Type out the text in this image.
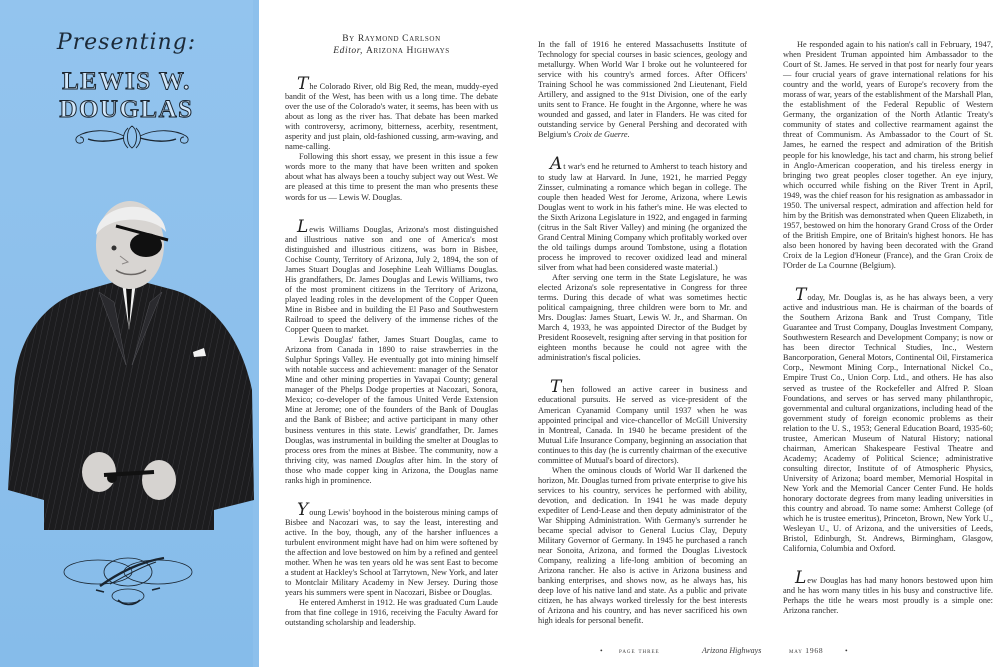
Presenting:
LEWIS W. DOUGLAS
By Raymond Carlson
Editor, Arizona Highways

The Colorado River, old Big Red, the mean, muddy-eyed bandit of the West, has been with us a long time. The debate over the use of the Colorado's water, it seems, has been with us about as long as the river has. That debate has been marked with controversy, acrimony, bitterness, acerbity, resentment, asperity and just plain, old-fashioned cussing, arm-waving, and name-calling.

Following this short essay, we present in this issue a few words more to the many that have been written and spoken about what has always been a touchy subject way out West. We are pleased at this time to present the man who presents these words for us — Lewis W. Douglas.

Lewis Williams Douglas, Arizona's most distinguished and illustrious native son and one of America's most distinguished and illustrious citizens, was born in Bisbee, Cochise County, Territory of Arizona, July 2, 1894, the son of James Stuart Douglas and Josephine Leah Williams Douglas. His grandfathers, Dr. James Douglas and Lewis Williams, two of the most prominent citizens in the Territory of Arizona, played leading roles in the development of the Copper Queen Mine in Bisbee and in building the El Paso and Southwestern Railroad to speed the delivery of the immense riches of the Copper Queen to market.

Lewis Douglas' father, James Stuart Douglas, came to Arizona from Canada in 1890 to raise strawberries in the Sulphur Springs Valley. He eventually got into mining himself with notable success and achievement: manager of the Senator Mine and other mining properties in Yavapai County; general manager of the Phelps Dodge properties at Nacozari, Sonora, Mexico; co-developer of the famous United Verde Extension Mine at Jerome; one of the founders of the Bank of Douglas and the Bank of Bisbee; and active participant in many other business ventures in this state. Lewis' grandfather, Dr. James Douglas, was instrumental in building the smelter at Douglas to process ores from the mines at Bisbee. The community, now a thriving city, was named Douglas after him. In the story of those who made copper king in Arizona, the Douglas name ranks high in prominence.

Young Lewis' boyhood in the boisterous mining camps of Bisbee and Nacozari was, to say the least, interesting and active. In the boy, though, any of the harsher influences a turbulent environment might have had on him were softened by the affection and love bestowed on him by a refined and genteel mother. When he was ten years old he was sent East to become a student at Hackley's School at Tarrytown, New York, and later to Montclair Military Academy in New Jersey. During those years his summers were spent in Nacozari, Bisbee or Douglas.

He entered Amherst in 1912. He was graduated Cum Laude from that fine college in 1916, receiving the Faculty Award for outstanding scholarship and leadership.

In the fall of 1916 he entered Massachusetts Institute of Technology for special courses in basic sciences, geology and metallurgy. When World War I broke out he volunteered for service with his country's armed forces. After Officers' Training School he was commissioned 2nd Lieutenant, Field Artillery, and assigned to the 91st Division, one of the early units sent to France. He fought in the Argonne, where he was wounded and gassed, and later in Flanders. He was cited for outstanding service by General Pershing and decorated with Belgium's Croix de Guerre.

At war's end he returned to Amherst to teach history and to study law at Harvard. In June, 1921, he married Peggy Zinsser, culminating a romance which began in college. The couple then headed West for Jerome, Arizona, where Lewis Douglas went to work in his father's mine. He was elected to the Sixth Arizona Legislature in 1922, and engaged in farming (citrus in the Salt River Valley) and mining (he organized the Grand Central Mining Company which profitably worked over the old tailings dumps around Tombstone, using a flotation process he improved to recover oxidized lead and mineral silver from what had been considered waste material.)

After serving one term in the State Legislature, he was elected Arizona's sole representative in Congress for three terms. During this decade of what was sometimes hectic political campaigning, three children were born to Mr. and Mrs. Douglas: James Stuart, Lewis W. Jr., and Sharman. On March 4, 1933, he was appointed Director of the Budget by President Roosevelt, resigning after serving in that position for eighteen months because he could not agree with the administration's fiscal policies.

Then followed an active career in business and educational pursuits. He served as vice-president of the American Cyanamid Company until 1937 when he was appointed principal and vice-chancellor of McGill University in Montreal, Canada. In 1940 he became president of the Mutual Life Insurance Company, beginning an association that continues to this day (he is currently chairman of the executive committee of Mutual's board of directors).

When the ominous clouds of World War II darkened the horizon, Mr. Douglas turned from private enterprise to give his services to his country, services he performed with ability, devotion, and dedication. In 1941 he was made deputy expediter of Lend-Lease and then deputy administrator of the War Shipping Administration. With Germany's surrender he became special advisor to General Lucius Clay, Deputy Military Governor of Germany. In 1945 he purchased a ranch near Sonoita, Arizona, and formed the Douglas Livestock Company, realizing a life-long ambition of becoming an Arizona rancher. He also is active in Arizona business and banking enterprises, and shows now, as he always has, his deep love of his native land and state. As a public and private citizen, he has always worked tirelessly for the best interests of Arizona and his country, and has never sacrificed his own high ideals for personal benefit.

He responded again to his nation's call in February, 1947, when President Truman appointed him Ambassador to the Court of St. James. He served in that post for nearly four years — four crucial years of grave international relations for his country and the world, years of Europe's recovery from the morass of war, years of the establishment of the Marshall Plan, the establishment of the Federal Republic of Western Germany, the organization of the North Atlantic Treaty's community of states and collective rearmament against the threat of Communism. As Ambassador to the Court of St. James, he earned the respect and admiration of the British people for his knowledge, his tact and charm, his strong belief in Anglo-American cooperation, and his tireless energy in bringing two great peoples closer together. An eye injury, which occurred while fishing on the River Trent in April, 1949, was the chief reason for his resignation as ambassador in 1950. The universal respect, admiration and affection held for him by the British was demonstrated when Queen Elizabeth, in 1957, bestowed on him the honorary Grand Cross of the Order of the British Empire, one of Britain's highest honors. He has also been honored by having been decorated with the Grand Croix de la Legion d'Honeur (France), and the Gran Croix de l'Order de La Cournne (Belgium).

Today, Mr. Douglas is, as he has always been, a very active and industrious man. He is chairman of the boards of the Southern Arizona Bank and Trust Company, Title Guarantee and Trust Company, Douglas Investment Company, Southwestern Research and Development Company; is now or has been director Technical Studies, Inc., Western Bancorporation, General Motors, Continental Oil, Firstamerica Corp., Newmont Mining Corp., International Nickel Co., Empire Trust Co., Union Corp. Ltd., and others. He has also served as trustee of the Rockefeller and Alfred P. Sloan Foundations, and serves or has served many philanthropic, governmental and cultural organizations, including head of the government study of foreign economic problems as their relation to the U. S., 1953; General Education Board, 1935-60; trustee, American Museum of Natural History; national chairman, American Shakespeare Festival Theatre and Academy; Academy of Political Science; administrative consulting director, Institute of of Atmospheric Physics, University of Arizona; board member, Memorial Hospital in New York and the Memorial Cancer Center Fund. He holds honorary doctorate degrees from many leading universities in this country and abroad. To name some: Amherst College (of which he is trustee emeritus), Princeton, Brown, New York U., Wesleyan U., U. of Arizona, and the universities of Leeds, Bristol, Edinburgh, St. Andrews, Birmingham, Glasgow, California, Columbia and Oxford.

Lew Douglas has had many honors bestowed upon him and he has worn many titles in his busy and constructive life. Perhaps the title he wears most proudly is a simple one: Arizona rancher.

• page three	Arizona Highways	may 1968	•
